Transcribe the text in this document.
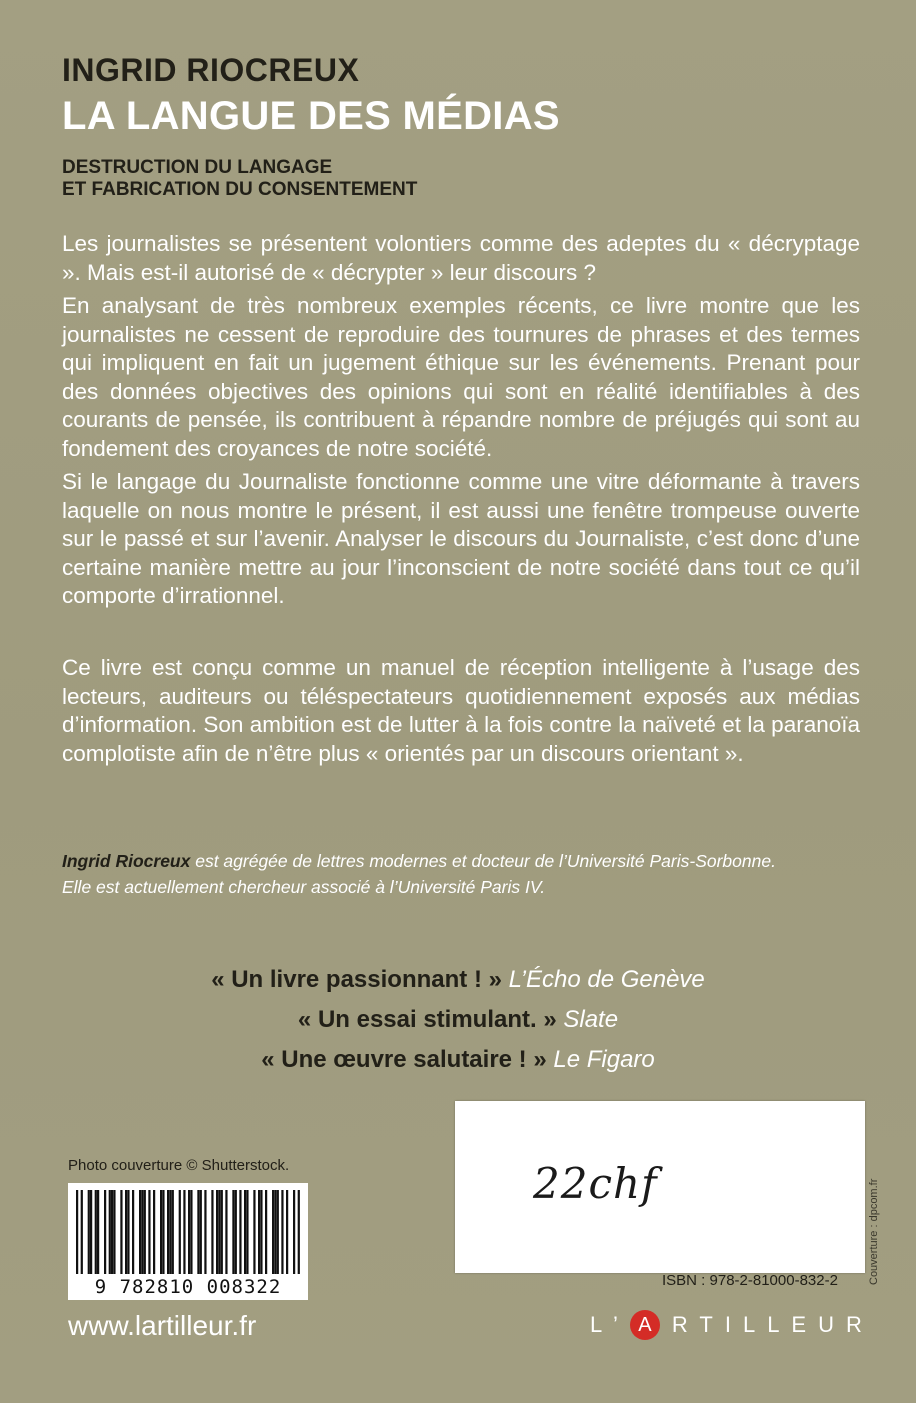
INGRID RIOCREUX
LA LANGUE DES MÉDIAS
DESTRUCTION DU LANGAGE
ET FABRICATION DU CONSENTEMENT
Les journalistes se présentent volontiers comme des adeptes du « décryptage ». Mais est-il autorisé de « décrypter » leur discours ?
En analysant de très nombreux exemples récents, ce livre montre que les journalistes ne cessent de reproduire des tournures de phrases et des termes qui impliquent en fait un jugement éthique sur les événements. Prenant pour des données objectives des opinions qui sont en réalité identifiables à des courants de pensée, ils contribuent à répandre nombre de préjugés qui sont au fondement des croyances de notre société.
Si le langage du Journaliste fonctionne comme une vitre déformante à travers laquelle on nous montre le présent, il est aussi une fenêtre trompeuse ouverte sur le passé et sur l’avenir. Analyser le discours du Journaliste, c’est donc d’une certaine manière mettre au jour l’inconscient de notre société dans tout ce qu’il comporte d’irrationnel.
Ce livre est conçu comme un manuel de réception intelligente à l’usage des lecteurs, auditeurs ou téléspectateurs quotidiennement exposés aux médias d’information. Son ambition est de lutter à la fois contre la naïveté et la paranoïa complotiste afin de n’être plus « orientés par un discours orientant ».
Ingrid Riocreux est agrégée de lettres modernes et docteur de l’Université Paris-Sorbonne.
Elle est actuellement chercheur associé à l’Université Paris IV.
« Un livre passionnant ! » L’Écho de Genève
« Un essai stimulant. » Slate
« Une œuvre salutaire ! » Le Figaro
22chf
Photo couverture © Shutterstock.
9 782810 008322	ISBN : 978-2-81000-832-2
www.lartilleur.fr
Couverture : dpcom.fr
L’ A RTILLEUR
